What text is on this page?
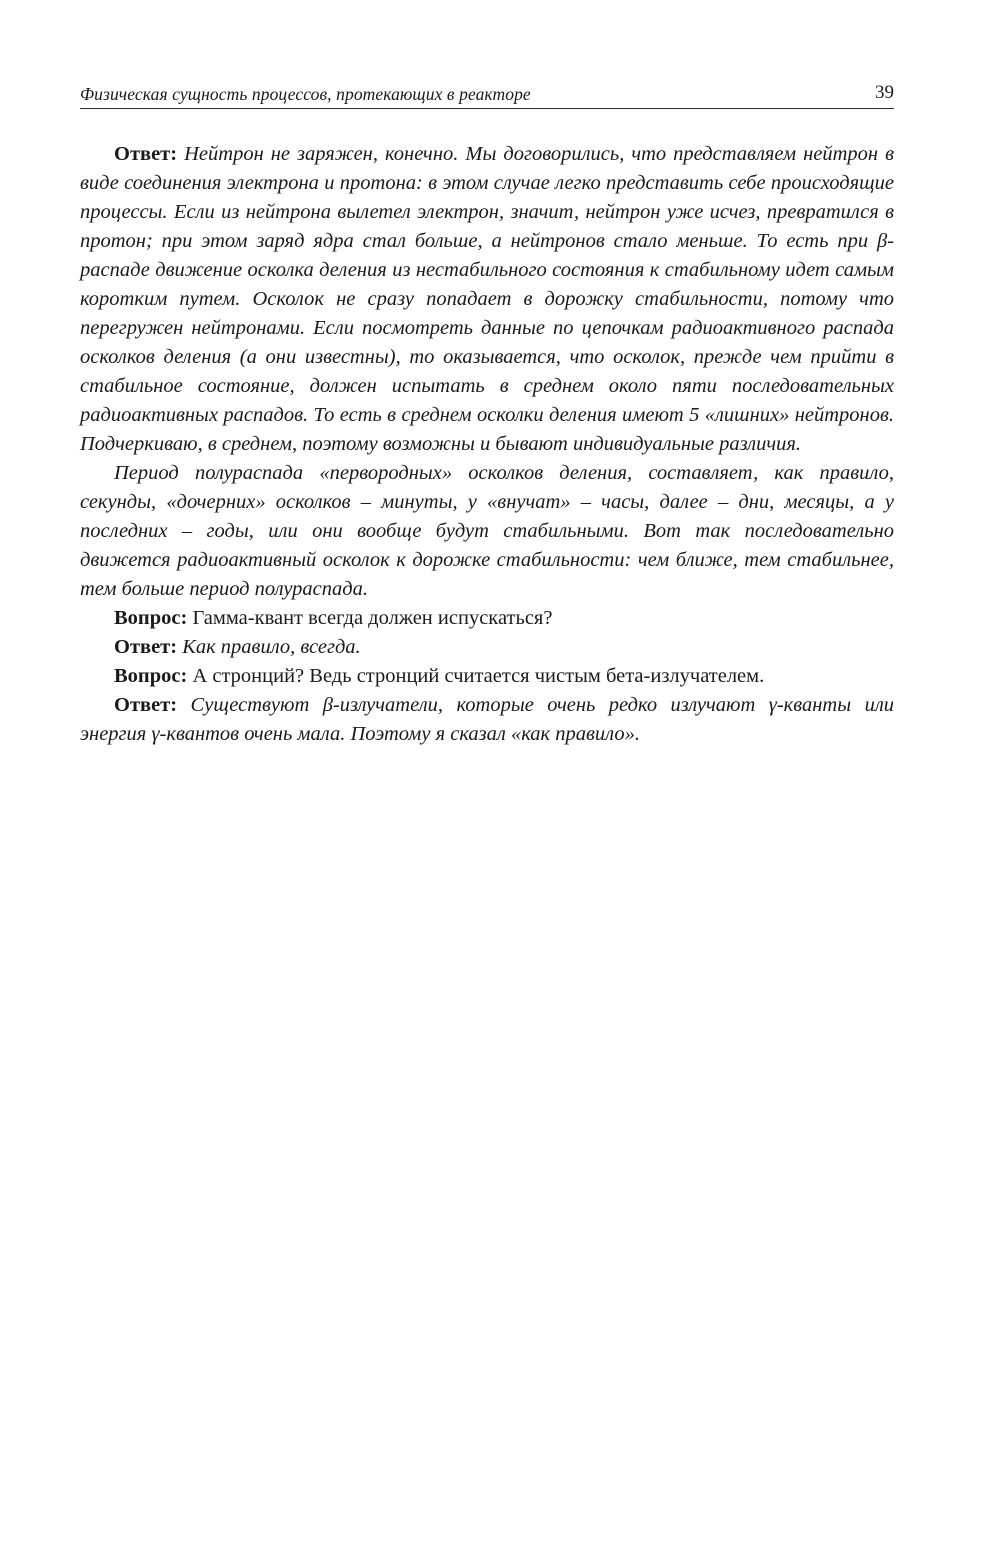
Физическая сущность процессов, протекающих в реакторе	39

Ответ: Нейтрон не заряжен, конечно. Мы договорились, что представляем нейтрон в виде соединения электрона и протона: в этом случае легко представить себе происходящие процессы. Если из нейтрона вылетел электрон, значит, нейтрон уже исчез, превратился в протон; при этом заряд ядра стал больше, а нейтронов стало меньше. То есть при β-распаде движение осколка деления из нестабильного состояния к стабильному идет самым коротким путем. Осколок не сразу попадает в дорожку стабильности, потому что перегружен нейтронами. Если посмотреть данные по цепочкам радиоактивного распада осколков деления (а они известны), то оказывается, что осколок, прежде чем прийти в стабильное состояние, должен испытать в среднем около пяти последовательных радиоактивных распадов. То есть в среднем осколки деления имеют 5 «лишних» нейтронов. Подчеркиваю, в среднем, поэтому возможны и бывают индивидуальные различия.

Период полураспада «первородных» осколков деления, составляет, как правило, секунды, «дочерних» осколков – минуты, у «внучат» – часы, далее – дни, месяцы, а у последних – годы, или они вообще будут стабильными. Вот так последовательно движется радиоактивный осколок к дорожке стабильности: чем ближе, тем стабильнее, тем больше период полураспада.

Вопрос: Гамма-квант всегда должен испускаться?

Ответ: Как правило, всегда.

Вопрос: А стронций? Ведь стронций считается чистым бета-излучателем.

Ответ: Существуют β-излучатели, которые очень редко излучают γ-кванты или энергия γ-квантов очень мала. Поэтому я сказал «как правило».
